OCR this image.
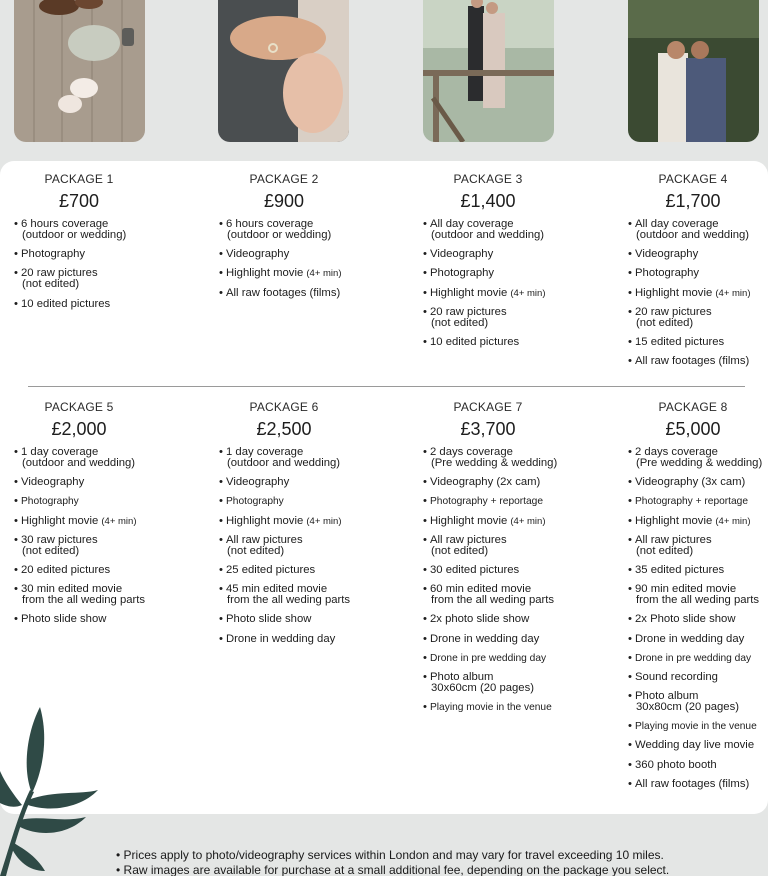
PACKAGE 1
£700
• 6 hours coverage
(outdoor or wedding)
• Photography
• 20 raw pictures
(not edited)
• 10 edited pictures
PACKAGE 2
£900
• 6 hours coverage
(outdoor or wedding)
• Videography
• Highlight movie (4+ min)
• All raw footages (films)
PACKAGE 3
£1,400
• All day coverage
(outdoor and wedding)
• Videography
• Photography
• Highlight movie (4+ min)
• 20 raw pictures
(not edited)
• 10 edited pictures
PACKAGE 4
£1,700
• All day coverage
(outdoor and wedding)
• Videography
• Photography
• Highlight movie (4+ min)
• 20 raw pictures
(not edited)
• 15 edited pictures
• All raw footages (films)
PACKAGE 5
£2,000
• 1 day coverage
(outdoor and wedding)
• Videography
• Photography
• Highlight movie (4+ min)
• 30 raw pictures
(not edited)
• 20 edited pictures
• 30 min edited movie
from the all weding parts
• Photo slide show
PACKAGE 6
£2,500
• 1 day coverage
(outdoor and wedding)
• Videography
• Photography
• Highlight movie (4+ min)
• All raw pictures
(not edited)
• 25 edited pictures
• 45 min edited movie
from the all weding parts
• Photo slide show
• Drone in wedding day
PACKAGE 7
£3,700
• 2 days coverage
(Pre wedding & wedding)
• Videography (2x cam)
• Photography + reportage
• Highlight movie (4+ min)
• All raw pictures
(not edited)
• 30 edited pictures
• 60 min edited movie
from the all weding parts
• 2x photo slide show
• Drone in wedding day
• Drone in pre wedding day
• Photo album
30x60cm (20 pages)
• Playing movie in the venue
PACKAGE 8
£5,000
• 2 days coverage
(Pre wedding & wedding)
• Videography (3x cam)
• Photography + reportage
• Highlight movie (4+ min)
• All raw pictures
(not edited)
• 35 edited pictures
• 90 min edited movie
from the all weding parts
• 2x Photo slide show
• Drone in wedding day
• Drone in pre wedding day
• Sound recording
• Photo album
30x80cm (20 pages)
• Playing movie in the venue
• Wedding day live movie
• 360 photo booth
• All raw footages (films)
• Prices apply to photo/videography services within London and may vary for travel exceeding 10 miles.
• Raw images are available for purchase at a small additional fee, depending on the package you select.
